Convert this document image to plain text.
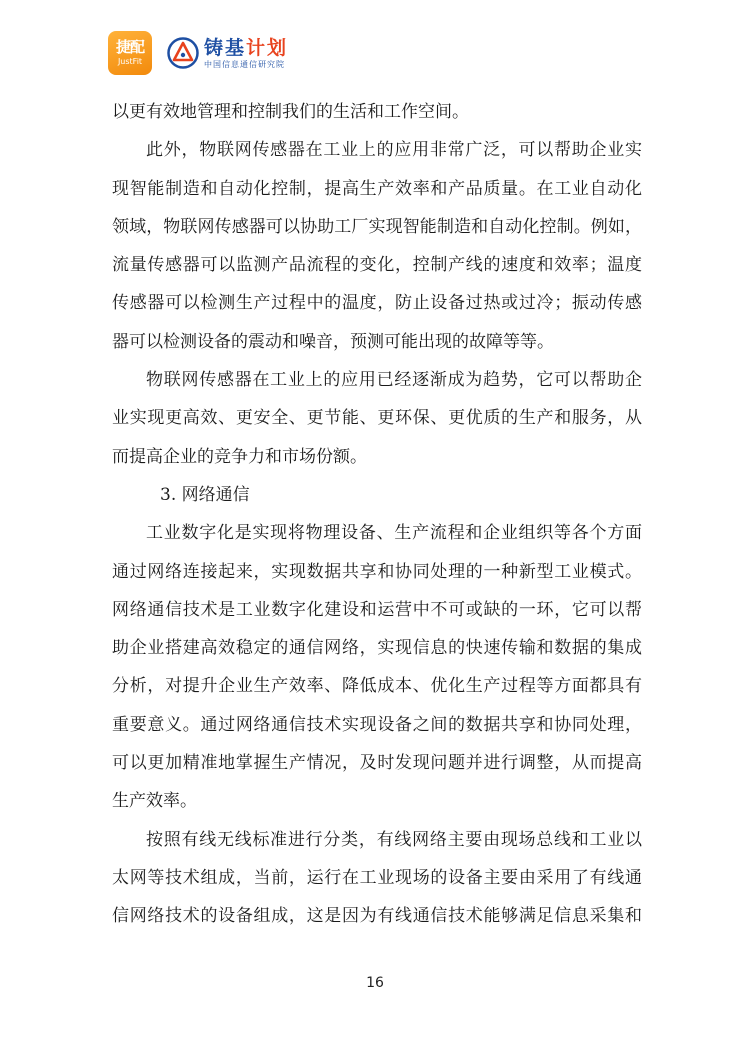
捷配
JustFit
铸基计划
中国信息通信研究院
以更有效地管理和控制我们的生活和工作空间。
此外，物联网传感器在工业上的应用非常广泛，可以帮助企业实
现智能制造和自动化控制，提高生产效率和产品质量。在工业自动化
领域，物联网传感器可以协助工厂实现智能制造和自动化控制。例如，
流量传感器可以监测产品流程的变化，控制产线的速度和效率；温度
传感器可以检测生产过程中的温度，防止设备过热或过冷；振动传感
器可以检测设备的震动和噪音，预测可能出现的故障等等。
物联网传感器在工业上的应用已经逐渐成为趋势，它可以帮助企
业实现更高效、更安全、更节能、更环保、更优质的生产和服务，从
而提高企业的竞争力和市场份额。
3. 网络通信
工业数字化是实现将物理设备、生产流程和企业组织等各个方面
通过网络连接起来，实现数据共享和协同处理的一种新型工业模式。
网络通信技术是工业数字化建设和运营中不可或缺的一环，它可以帮
助企业搭建高效稳定的通信网络，实现信息的快速传输和数据的集成
分析，对提升企业生产效率、降低成本、优化生产过程等方面都具有
重要意义。通过网络通信技术实现设备之间的数据共享和协同处理，
可以更加精准地掌握生产情况，及时发现问题并进行调整，从而提高
生产效率。
按照有线无线标准进行分类，有线网络主要由现场总线和工业以
太网等技术组成，当前，运行在工业现场的设备主要由采用了有线通
信网络技术的设备组成，这是因为有线通信技术能够满足信息采集和
16
